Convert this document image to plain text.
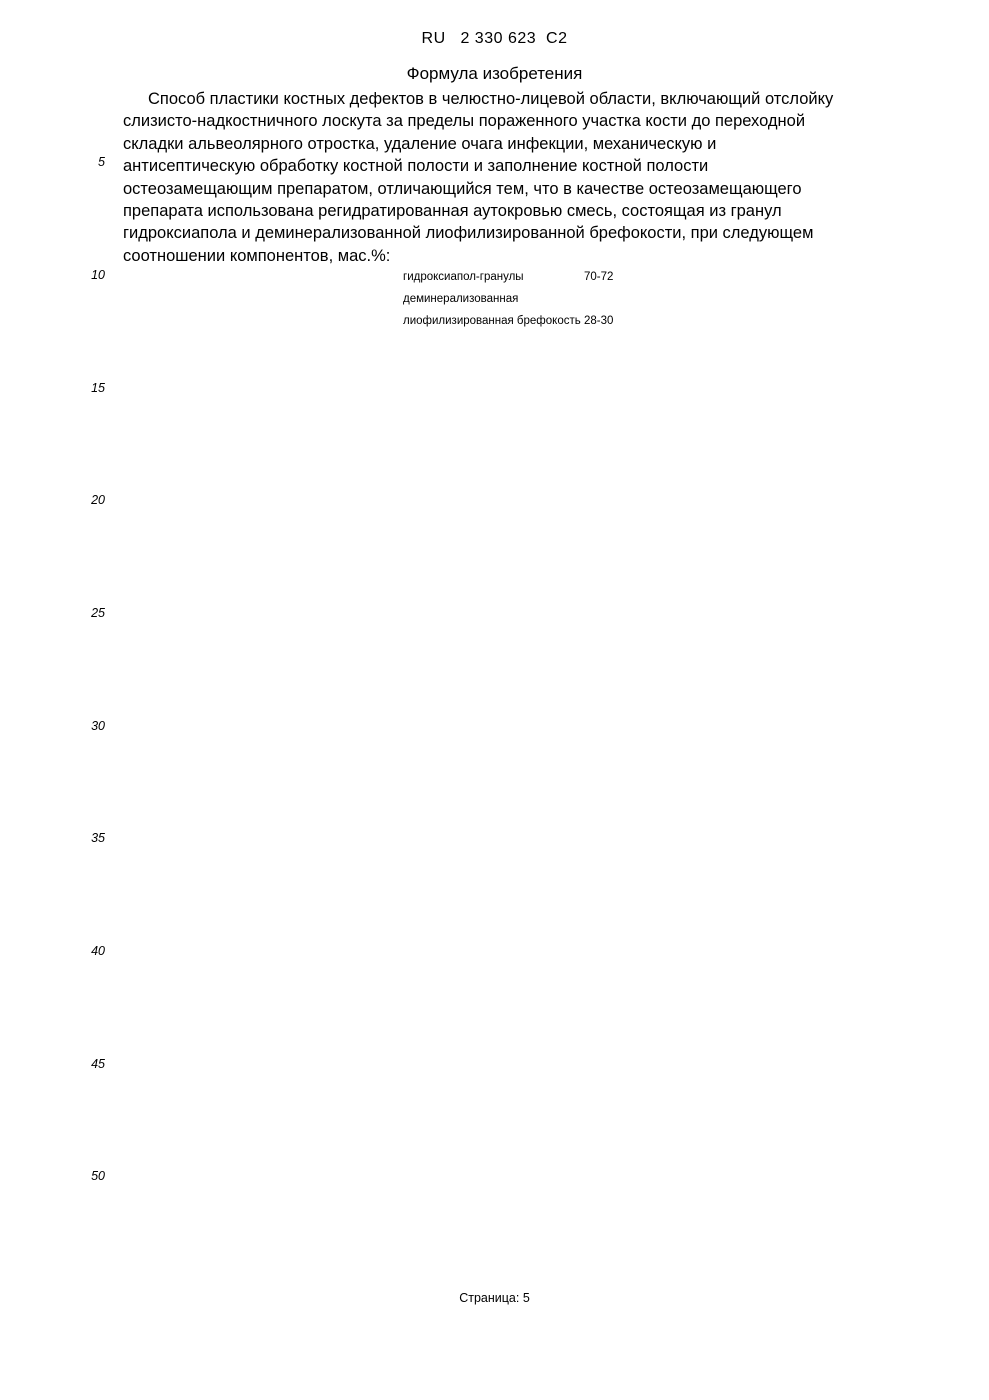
RU   2 330 623  C2
Формула изобретения
Способ пластики костных дефектов в челюстно-лицевой области, включающий отслойку
слизисто-надкостничного лоскута за пределы пораженного участка кости до переходной
складки альвеолярного отростка, удаление очага инфекции, механическую и
антисептическую обработку костной полости и заполнение костной полости
остеозамещающим препаратом, отличающийся тем, что в качестве остеозамещающего
препарата использована регидратированная аутокровью смесь, состоящая из гранул
гидроксиапола и деминерализованной лиофилизированной брефокости, при следующем
соотношении компонентов, мас.%:
гидроксиапол-гранулы	70-72
деминерализованная
лиофилизированная брефокость 28-30
5
10
15
20
25
30
35
40
45
50
Страница: 5
